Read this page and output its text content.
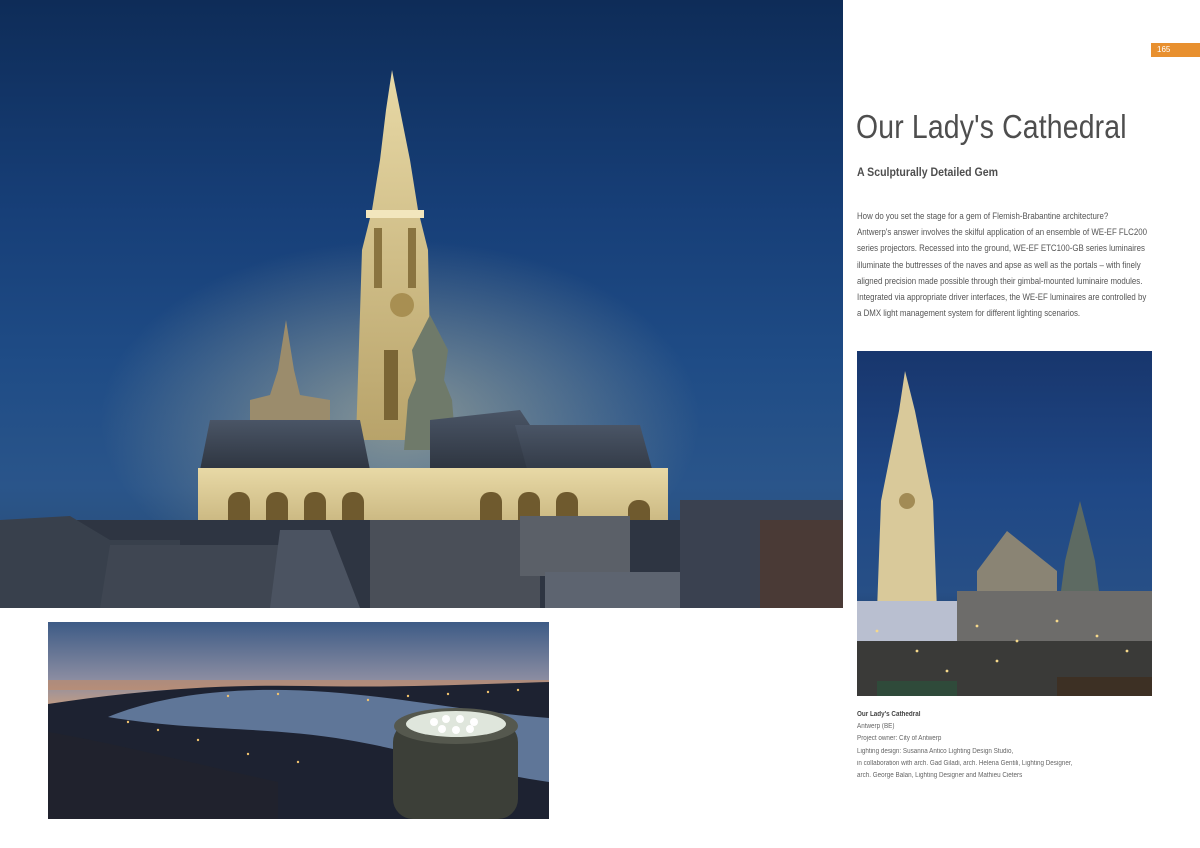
165
Our Lady's Cathedral
A Sculpturally Detailed Gem
How do you set the stage for a gem of Flemish-Brabantine architecture?
Antwerp's answer involves the skilful application of an ensemble of WE-EF FLC200
series projectors. Recessed into the ground, WE-EF ETC100-GB series luminaires
illuminate the buttresses of the naves and apse as well as the portals – with finely
aligned precision made possible through their gimbal-mounted luminaire modules.
Integrated via appropriate driver interfaces, the WE-EF luminaires are controlled by
a DMX light management system for different lighting scenarios.
Our Lady's Cathedral
Antwerp (BE)
Project owner: City of Antwerp
Lighting design: Susanna Antico Lighting Design Studio,
in collaboration with arch. Gad Giladi, arch. Helena Gentili, Lighting Designer,
arch. George Balan, Lighting Designer and Mathieu Cieters
